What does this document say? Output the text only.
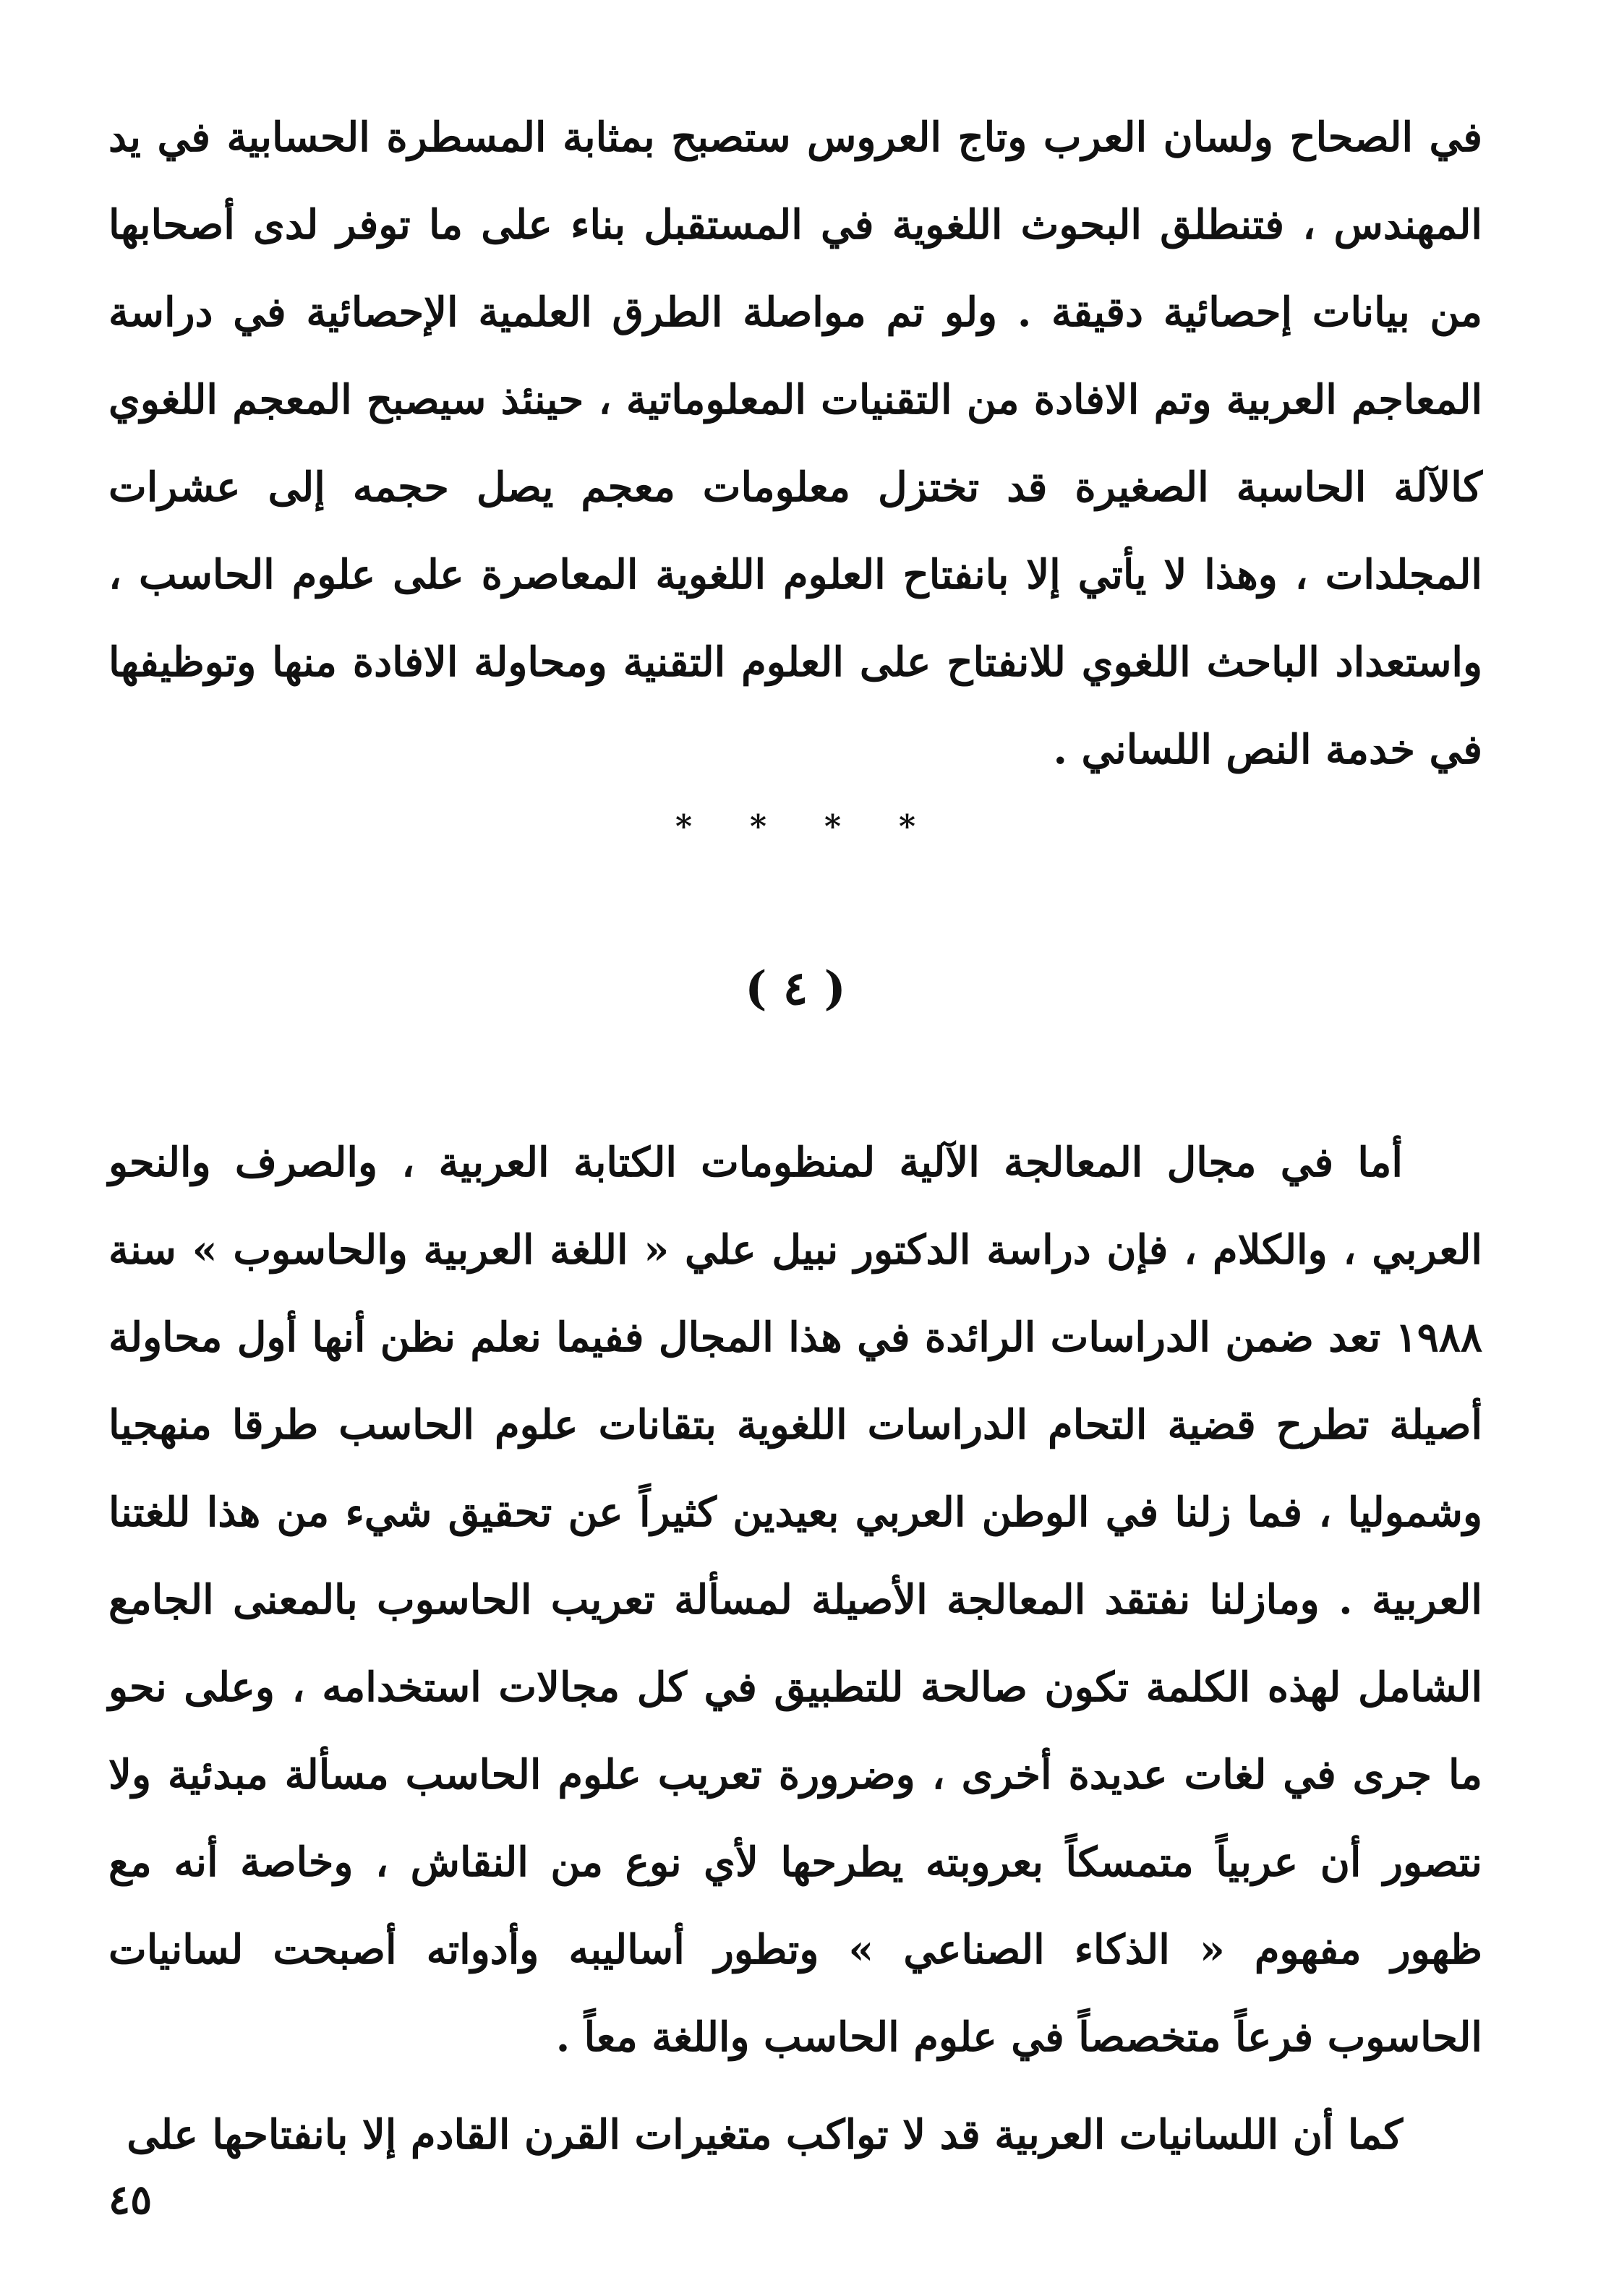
في الصحاح ولسان العرب وتاج العروس ستصبح بمثابة المسطرة الحسابية في يد المهندس ، فتنطلق البحوث اللغوية في المستقبل بناء على ما توفر لدى أصحابها من بيانات إحصائية دقيقة . ولو تم مواصلة الطرق العلمية الإحصائية في دراسة المعاجم العربية وتم الافادة من التقنيات المعلوماتية ، حينئذ سيصبح المعجم اللغوي كالآلة الحاسبة الصغيرة قد تختزل معلومات معجم يصل حجمه إلى عشرات المجلدات ، وهذا لا يأتي إلا بانفتاح العلوم اللغوية المعاصرة على علوم الحاسب ، واستعداد الباحث اللغوي للانفتاح على العلوم التقنية ومحاولة الافادة منها وتوظيفها في خدمة النص اللساني .

* * * *
( ٤ )

أما في مجال المعالجة الآلية لمنظومات الكتابة العربية ، والصرف والنحو العربي ، والكلام ، فإن دراسة الدكتور نبيل علي « اللغة العربية والحاسوب » سنة ١٩٨٨ تعد ضمن الدراسات الرائدة في هذا المجال ففيما نعلم نظن أنها أول محاولة أصيلة تطرح قضية التحام الدراسات اللغوية بتقانات علوم الحاسب طرقا منهجيا وشموليا ، فما زلنا في الوطن العربي بعيدين كثيراً عن تحقيق شيء من هذا للغتنا العربية . ومازلنا نفتقد المعالجة الأصيلة لمسألة تعريب الحاسوب بالمعنى الجامع الشامل لهذه الكلمة تكون صالحة للتطبيق في كل مجالات استخدامه ، وعلى نحو ما جرى في لغات عديدة أخرى ، وضرورة تعريب علوم الحاسب مسألة مبدئية ولا نتصور أن عربياً متمسكاً بعروبته يطرحها لأي نوع من النقاش ، وخاصة أنه مع ظهور مفهوم « الذكاء الصناعي » وتطور أساليبه وأدواته أصبحت لسانيات الحاسوب فرعاً متخصصاً في علوم الحاسب واللغة معاً .

كما أن اللسانيات العربية قد لا تواكب متغيرات القرن القادم إلا بانفتاحها على

٤٥
